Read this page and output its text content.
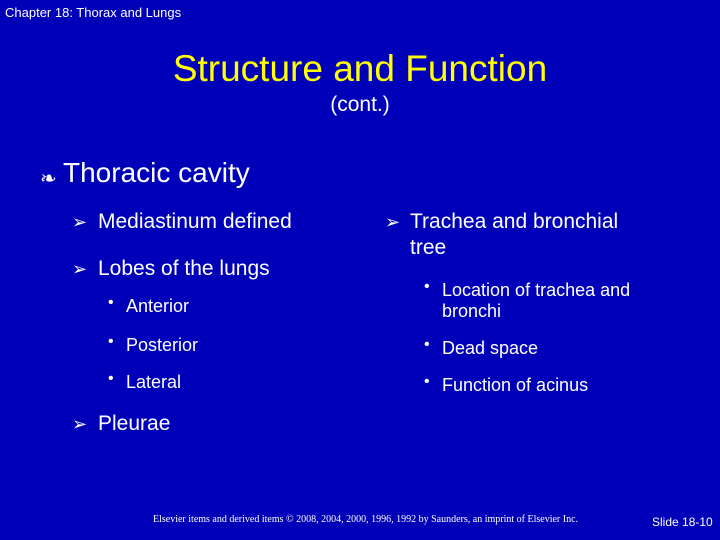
Chapter 18: Thorax and Lungs
Structure and Function
(cont.)
❧ Thoracic cavity
➢ Mediastinum defined
➢ Lobes of the lungs
• Anterior
• Posterior
• Lateral
➢ Pleurae
➢ Trachea and bronchial
tree
• Location of trachea and
bronchi
• Dead space
• Function of acinus
Elsevier items and derived items © 2008, 2004, 2000, 1996, 1992 by Saunders, an imprint of Elsevier Inc.	Slide 18-10
